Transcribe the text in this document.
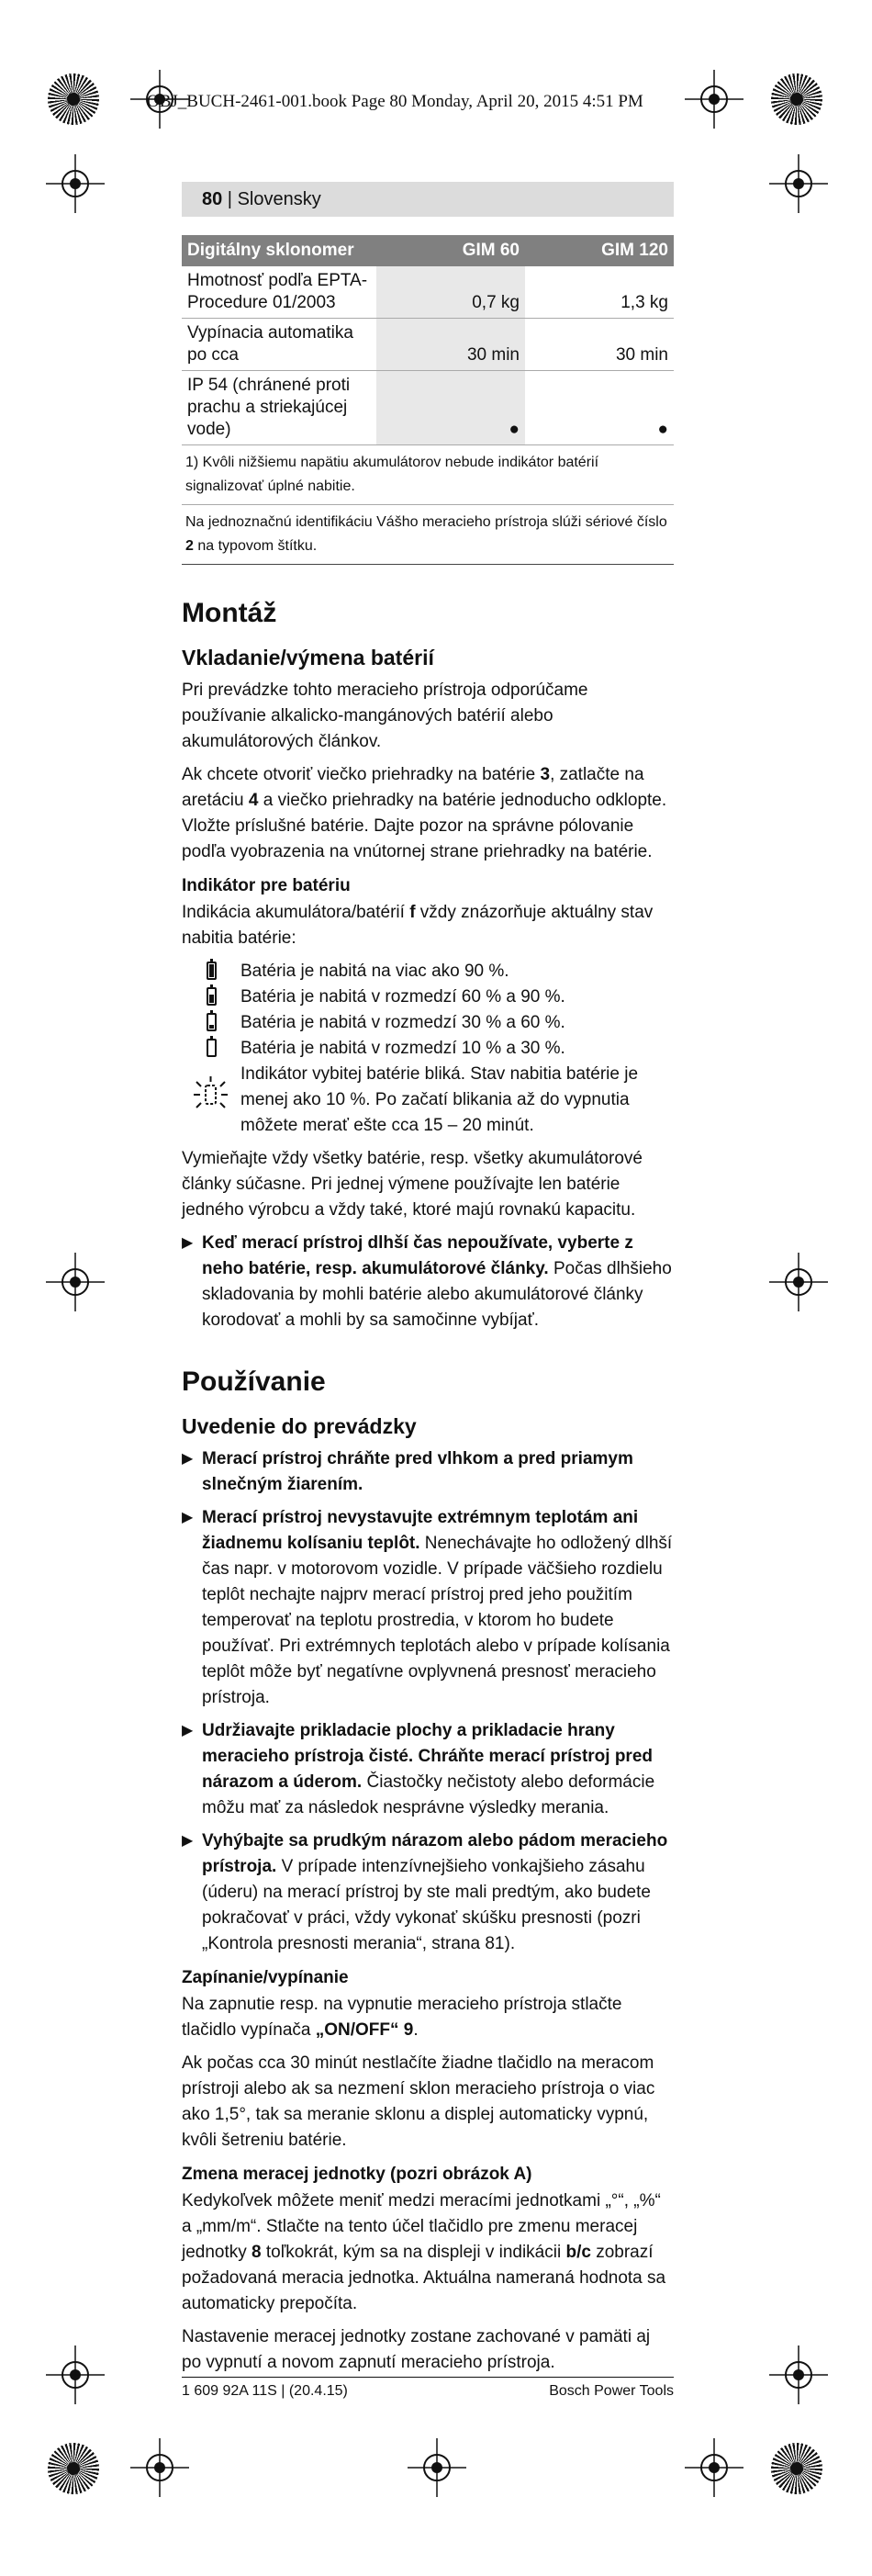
OBJ_BUCH-2461-001.book Page 80 Monday, April 20, 2015 4:51 PM
80 | Slovensky
Digitálny sklonomer	GIM 60	GIM 120
Hmotnosť podľa EPTA-Procedure 01/2003	0,7 kg	1,3 kg
Vypínacia automatika po cca	30 min	30 min
IP 54 (chránené proti prachu a striekajúcej vode)	●	●
1) Kvôli nižšiemu napätiu akumulátorov nebude indikátor batérií signalizovať úplné nabitie.
Na jednoznačnú identifikáciu Vášho meracieho prístroja slúži sériové číslo 2 na typovom štítku.
Montáž
Vkladanie/výmena batérií

Pri prevádzke tohto meracieho prístroja odporúčame používanie alkalicko-mangánových batérií alebo akumulátorových článkov.

Ak chcete otvoriť viečko priehradky na batérie 3, zatlačte na aretáciu 4 a viečko priehradky na batérie jednoducho odklopte. Vložte príslušné batérie. Dajte pozor na správne pólovanie podľa vyobrazenia na vnútornej strane priehradky na batérie.

Indikátor pre batériu

Indikácia akumulátora/batérií f vždy znázorňuje aktuálny stav nabitia batérie:

Batéria je nabitá na viac ako 90 %.
Batéria je nabitá v rozmedzí 60 % a 90 %.
Batéria je nabitá v rozmedzí 30 % a 60 %.
Batéria je nabitá v rozmedzí 10 % a 30 %.
Indikátor vybitej batérie bliká. Stav nabitia batérie je menej ako 10 %. Po začatí blikania až do vypnutia môžete merať ešte cca 15 – 20 minút.

Vymieňajte vždy všetky batérie, resp. všetky akumulátorové články súčasne. Pri jednej výmene používajte len batérie jedného výrobcu a vždy také, ktoré majú rovnakú kapacitu.

▶ Keď merací prístroj dlhší čas nepoužívate, vyberte z neho batérie, resp. akumulátorové články. Počas dlhšieho skladovania by mohli batérie alebo akumulátorové články korodovať a mohli by sa samočinne vybíjať.
Používanie
Uvedenie do prevádzky
▶ Merací prístroj chráňte pred vlhkom a pred priamym slnečným žiarením.
▶ Merací prístroj nevystavujte extrémnym teplotám ani žiadnemu kolísaniu teplôt. Nenechávajte ho odložený dlhší čas napr. v motorovom vozidle. V prípade väčšieho rozdielu teplôt nechajte najprv merací prístroj pred jeho použitím temperovať na teplotu prostredia, v ktorom ho budete používať. Pri extrémnych teplotách alebo v prípade kolísania teplôt môže byť negatívne ovplyvnená presnosť meracieho prístroja.
▶ Udržiavajte prikladacie plochy a prikladacie hrany meracieho prístroja čisté. Chráňte merací prístroj pred nárazom a úderom. Čiastočky nečistoty alebo deformácie môžu mať za následok nesprávne výsledky merania.
▶ Vyhýbajte sa prudkým nárazom alebo pádom meracieho prístroja. V prípade intenzívnejšieho vonkajšieho zásahu (úderu) na merací prístroj by ste mali predtým, ako budete pokračovať v práci, vždy vykonať skúšku presnosti (pozri „Kontrola presnosti merania“, strana 81).
Zapínanie/vypínanie

Na zapnutie resp. na vypnutie meracieho prístroja stlačte tlačidlo vypínača „ON/OFF“ 9.

Ak počas cca 30 minút nestlačíte žiadne tlačidlo na meracom prístroji alebo ak sa nezmení sklon meracieho prístroja o viac ako 1,5°, tak sa meranie sklonu a displej automaticky vypnú, kvôli šetreniu batérie.

Zmena meracej jednotky (pozri obrázok A)

Kedykoľvek môžete meniť medzi meracími jednotkami „°“, „%“ a „mm/m“. Stlačte na tento účel tlačidlo pre zmenu meracej jednotky 8 toľkokrát, kým sa na displeji v indikácii b/c zobrazí požadovaná meracia jednotka. Aktuálna nameraná hodnota sa automaticky prepočíta.

Nastavenie meracej jednotky zostane zachované v pamäti aj po vypnutí a novom zapnutí meracieho prístroja.

1 609 92A 11S | (20.4.15)	Bosch Power Tools
